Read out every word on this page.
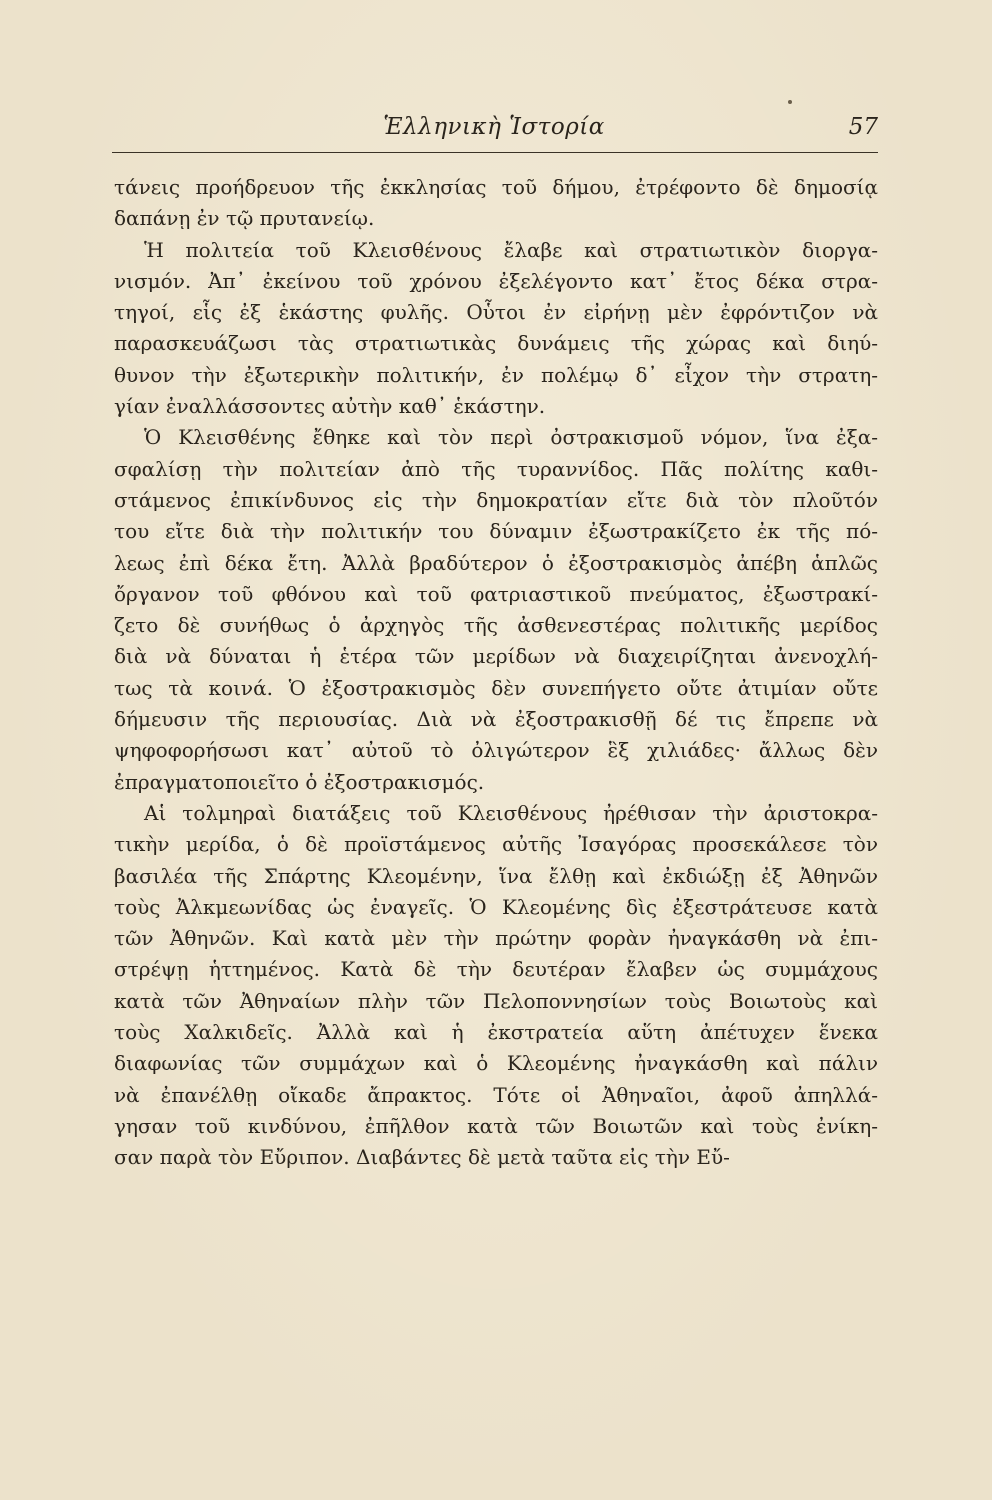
Ἑλληνικὴ Ἱστορία	57
τάνεις προήδρευον τῆς ἐκκλησίας τοῦ δήμου, ἐτρέφοντο δὲ δημοσίᾳ
δαπάνῃ ἐν τῷ πρυτανείῳ.
Ἡ πολιτεία τοῦ Κλεισθένους ἔλαβε καὶ στρατιωτικὸν διοργα-
νισμόν. Ἀπ᾽ ἐκείνου τοῦ χρόνου ἐξελέγοντο κατ᾽ ἔτος δέκα στρα-
τηγοί, εἷς ἐξ ἑκάστης φυλῆς. Οὗτοι ἐν εἰρήνῃ μὲν ἐφρόντιζον νὰ
παρασκευάζωσι τὰς στρατιωτικὰς δυνάμεις τῆς χώρας καὶ διηύ-
θυνον τὴν ἐξωτερικὴν πολιτικήν, ἐν πολέμῳ δ᾽ εἶχον τὴν στρατη-
γίαν ἐναλλάσσοντες αὐτὴν καθ᾽ ἑκάστην.
Ὁ Κλεισθένης ἔθηκε καὶ τὸν περὶ ὀστρακισμοῦ νόμον, ἵνα ἐξα-
σφαλίσῃ τὴν πολιτείαν ἀπὸ τῆς τυραννίδος. Πᾶς πολίτης καθι-
στάμενος ἐπικίνδυνος εἰς τὴν δημοκρατίαν εἴτε διὰ τὸν πλοῦτόν
του εἴτε διὰ τὴν πολιτικήν του δύναμιν ἐξωστρακίζετο ἐκ τῆς πό-
λεως ἐπὶ δέκα ἔτη. Ἀλλὰ βραδύτερον ὁ ἐξοστρακισμὸς ἀπέβη ἁπλῶς
ὄργανον τοῦ φθόνου καὶ τοῦ φατριαστικοῦ πνεύματος, ἐξωστρακί-
ζετο δὲ συνήθως ὁ ἀρχηγὸς τῆς ἀσθενεστέρας πολιτικῆς μερίδος
διὰ νὰ δύναται ἡ ἑτέρα τῶν μερίδων νὰ διαχειρίζηται ἀνενοχλή-
τως τὰ κοινά. Ὁ ἐξοστρακισμὸς δὲν συνεπήγετο οὔτε ἀτιμίαν οὔτε
δήμευσιν τῆς περιουσίας. Διὰ νὰ ἐξοστρακισθῇ δέ τις ἔπρεπε νὰ
ψηφοφορήσωσι κατ᾽ αὐτοῦ τὸ ὀλιγώτερον ἓξ χιλιάδες· ἄλλως δὲν
ἐπραγματοποιεῖτο ὁ ἐξοστρακισμός.
Αἱ τολμηραὶ διατάξεις τοῦ Κλεισθένους ἠρέθισαν τὴν ἀριστοκρα-
τικὴν μερίδα, ὁ δὲ προϊστάμενος αὐτῆς Ἰσαγόρας προσεκάλεσε τὸν
βασιλέα τῆς Σπάρτης Κλεομένην, ἵνα ἔλθῃ καὶ ἐκδιώξῃ ἐξ Ἀθηνῶν
τοὺς Ἀλκμεωνίδας ὡς ἐναγεῖς. Ὁ Κλεομένης δὶς ἐξεστράτευσε κατὰ
τῶν Ἀθηνῶν. Καὶ κατὰ μὲν τὴν πρώτην φορὰν ἠναγκάσθη νὰ ἐπι-
στρέψῃ ἡττημένος. Κατὰ δὲ τὴν δευτέραν ἔλαβεν ὡς συμμάχους
κατὰ τῶν Ἀθηναίων πλὴν τῶν Πελοποννησίων τοὺς Βοιωτοὺς καὶ
τοὺς Χαλκιδεῖς. Ἀλλὰ καὶ ἡ ἐκστρατεία αὕτη ἀπέτυχεν ἕνεκα
διαφωνίας τῶν συμμάχων καὶ ὁ Κλεομένης ἠναγκάσθη καὶ πάλιν
νὰ ἐπανέλθῃ οἴκαδε ἄπρακτος. Τότε οἱ Ἀθηναῖοι, ἀφοῦ ἀπηλλά-
γησαν τοῦ κινδύνου, ἐπῆλθον κατὰ τῶν Βοιωτῶν καὶ τοὺς ἐνίκη-
σαν παρὰ τὸν Εὔριπον. Διαβάντες δὲ μετὰ ταῦτα εἰς τὴν Εὔ-
